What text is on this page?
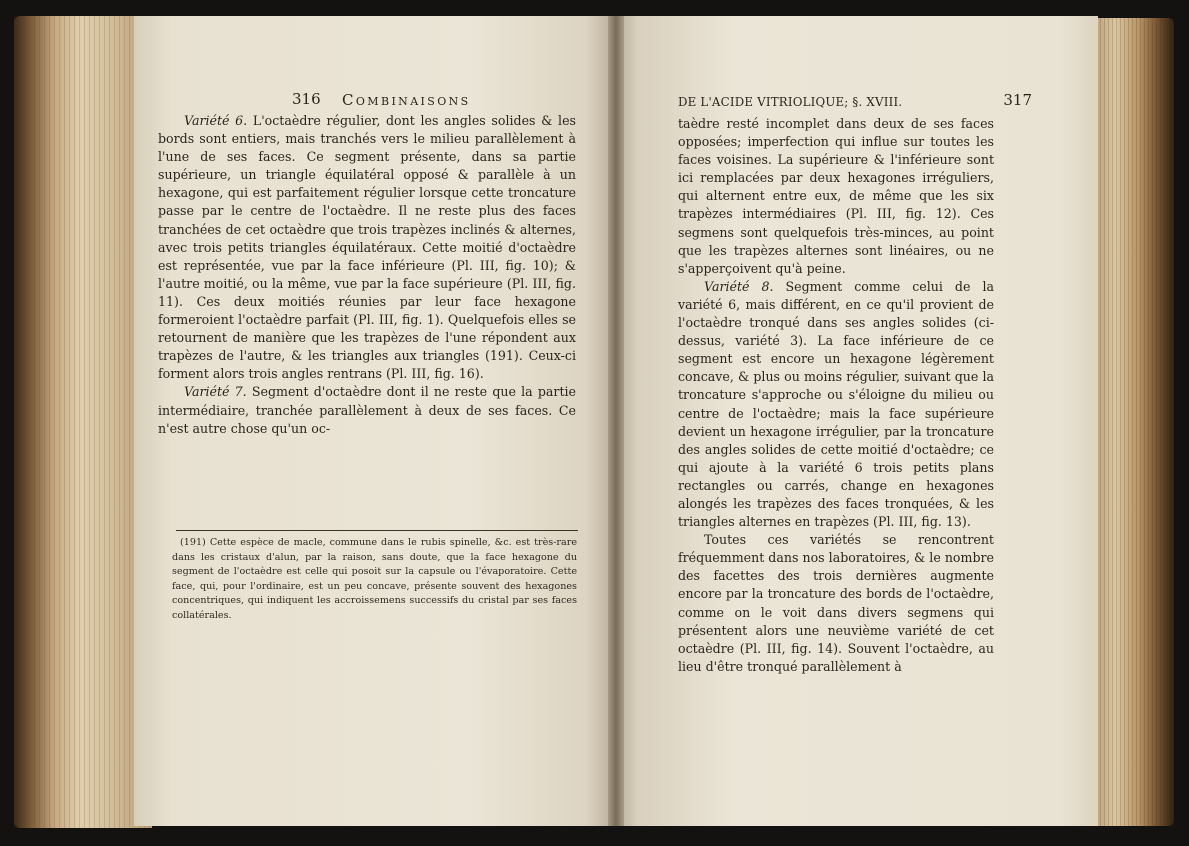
316 Combinaisons	DE L'ACIDE VITRIOLIQUE; §. XVIII.	317

Variété 6. L'octaèdre régulier, dont les angles solides & les bords sont entiers, mais tranchés vers le milieu parallèlement à l'une de ses faces. Ce segment présente, dans sa partie supérieure, un triangle équilatéral opposé & parallèle à un hexagone, qui est parfaitement régulier lorsque cette troncature passe par le centre de l'octaèdre. Il ne reste plus des faces tranchées de cet octaèdre que trois trapèzes inclinés & alternes, avec trois petits triangles équilatéraux. Cette moitié d'octaèdre est représentée, vue par la face inférieure (Pl. III, fig. 10); & l'autre moitié, ou la même, vue par la face supérieure (Pl. III, fig. 11). Ces deux moitiés réunies par leur face hexagone formeroient l'octaèdre parfait (Pl. III, fig. 1). Quelquefois elles se retournent de manière que les trapèzes de l'une répondent aux trapèzes de l'autre, & les triangles aux triangles (191). Ceux-ci forment alors trois angles rentrans (Pl. III, fig. 16).

Variété 7. Segment d'octaèdre dont il ne reste que la partie intermédiaire, tranchée parallèlement à deux de ses faces. Ce n'est autre chose qu'un oc-

(191) Cette espèce de macle, commune dans le rubis spinelle, &c. est très-rare dans les cristaux d'alun, par la raison, sans doute, que la face hexagone du segment de l'octaèdre est celle qui posoit sur la capsule ou l'évaporatoire. Cette face, qui, pour l'ordinaire, est un peu concave, présente souvent des hexagones concentriques, qui indiquent les accroissemens successifs du cristal par ses faces collatérales.

taèdre resté incomplet dans deux de ses faces opposées; imperfection qui influe sur toutes les faces voisines. La supérieure & l'inférieure sont ici remplacées par deux hexagones irréguliers, qui alternent entre eux, de même que les six trapèzes intermédiaires (Pl. III, fig. 12). Ces segmens sont quelquefois très-minces, au point que les trapèzes alternes sont linéaires, ou ne s'apperçoivent qu'à peine.

Variété 8. Segment comme celui de la variété 6, mais différent, en ce qu'il provient de l'octaèdre tronqué dans ses angles solides (ci-dessus, variété 3). La face inférieure de ce segment est encore un hexagone légèrement concave, & plus ou moins régulier, suivant que la troncature s'approche ou s'éloigne du milieu ou centre de l'octaèdre; mais la face supérieure devient un hexagone irrégulier, par la troncature des angles solides de cette moitié d'octaèdre; ce qui ajoute à la variété 6 trois petits plans rectangles ou carrés, change en hexagones alongés les trapèzes des faces tronquées, & les triangles alternes en trapèzes (Pl. III, fig. 13).

Toutes ces variétés se rencontrent fréquemment dans nos laboratoires, & le nombre des facettes des trois dernières augmente encore par la troncature des bords de l'octaèdre, comme on le voit dans divers segmens qui présentent alors une neuvième variété de cet octaèdre (Pl. III, fig. 14). Souvent l'octaèdre, au lieu d'être tronqué parallèlement à
